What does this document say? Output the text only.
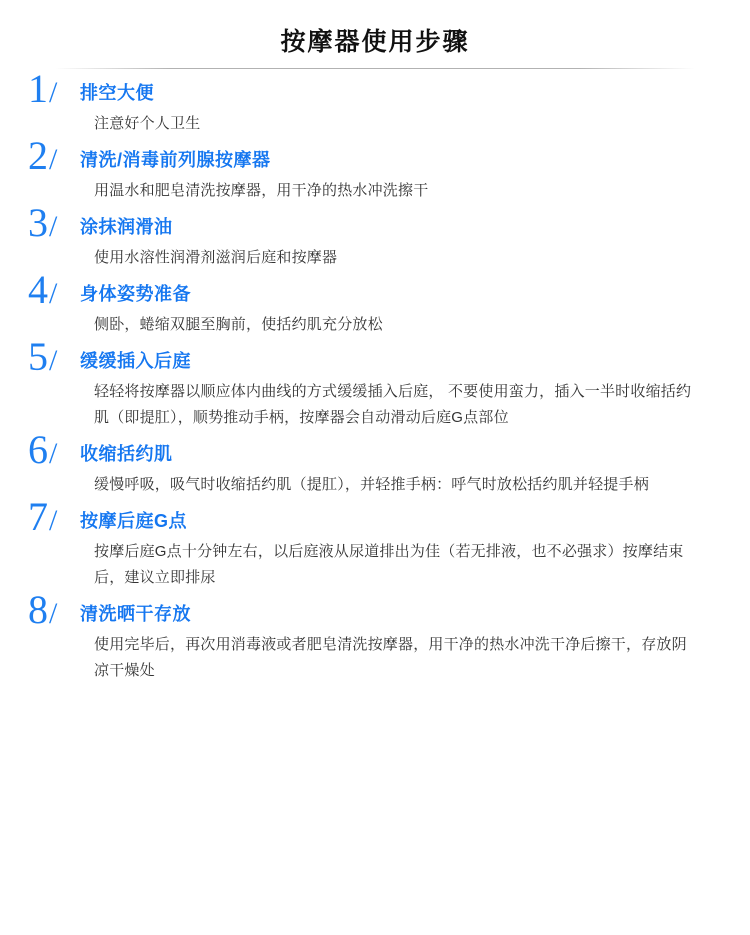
按摩器使用步骤
1/	排空大便
注意好个人卫生
2/	清洗/消毒前列腺按摩器
用温水和肥皂清洗按摩器，用干净的热水冲洗擦干
3/	涂抹润滑油
使用水溶性润滑剂滋润后庭和按摩器
4/	身体姿势准备
侧卧，蜷缩双腿至胸前，使括约肌充分放松
5/	缓缓插入后庭
轻轻将按摩器以顺应体内曲线的方式缓缓插入后庭， 不要使用蛮力，插入一半时收缩括约肌（即提肛），顺势推动手柄，按摩器会自动滑动后庭G点部位
6/	收缩括约肌
缓慢呼吸，吸气时收缩括约肌（提肛），并轻推手柄：呼气时放松括约肌并轻提手柄
7/	按摩后庭G点
按摩后庭G点十分钟左右，以后庭液从尿道排出为佳（若无排液，也不必强求）按摩结束后，建议立即排尿
8/	清洗晒干存放
使用完毕后，再次用消毒液或者肥皂清洗按摩器，用干净的热水冲洗干净后擦干，存放阴凉干燥处
